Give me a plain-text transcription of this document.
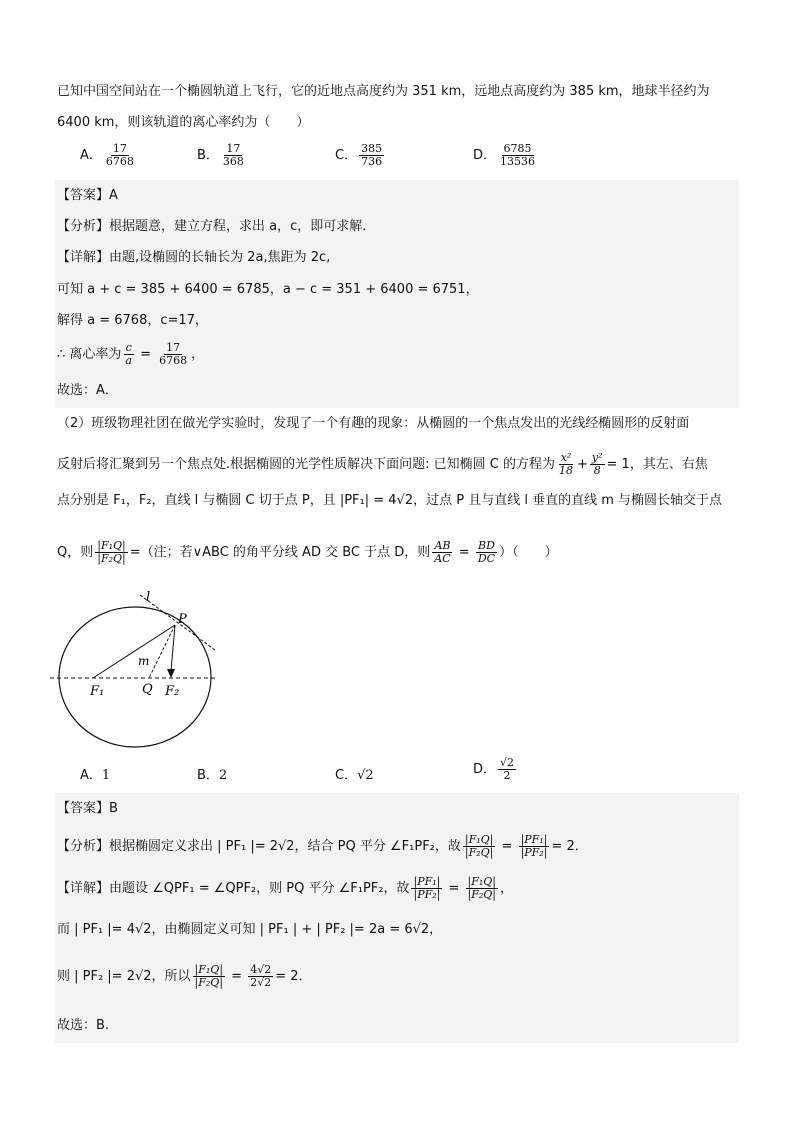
已知中国空间站在一个椭圆轨道上飞行，它的近地点高度约为 351 km，远地点高度约为 385 km，地球半径约为
6400 km，则该轨道的离心率约为（　　）
A． $\frac{17}{6768}$	B． $\frac{17}{368}$	C． $\frac{385}{736}$	D． $\frac{6785}{13536}$
【答案】A
【分析】根据题意，建立方程，求出 a，c，即可求解．
【详解】由题,设椭圆的长轴长为 2a,焦距为 2c,
可知 a + c = 385 + 6400 = 6785，a − c = 351 + 6400 = 6751，
解得 a = 6768，c=17，
∴ 离心率为 $\frac{c}{a} = \frac{17}{6768}$ ，
故选：A．
（2）班级物理社团在做光学实验时，发现了一个有趣的现象：从椭圆的一个焦点发出的光线经椭圆形的反射面
反射后将汇聚到另一个焦点处.根据椭圆的光学性质解决下面问题: 已知椭圆 C 的方程为 $\frac{\text{x²}}{18} + \frac{\text{y²}}{8} = 1$，其左、右焦
点分别是 F₁，F₂，直线 l 与椭圆 C 切于点 P，且 |PF₁| = 4√2，过点 P 且与直线 l 垂直的直线 m 与椭圆长轴交于点
Q，则 $\frac{\text{|F₁Q|}}{\text{|F₂Q|}}$ =（注；若∨ABC 的角平分线 AD 交 BC 于点 D，则 $\frac{AB}{AC} = \frac{BD}{DC}$ ）（　　）
l
P
m
F₁	Q F₂
A．1	B．2	C．√2	D． $\frac{√2}{2}$
【答案】B
【分析】根据椭圆定义求出 | PF₁ |= 2√2，结合 PQ 平分 ∠F₁PF₂，故 $\frac{\text{|F₁Q|}}{\text{|F₂Q|}} = \frac{\text{|PF₁|}}{\text{|PF₂|}} = 2$．
【详解】由题设 ∠QPF₁ = ∠QPF₂，则 PQ 平分 ∠F₁PF₂，故 $\frac{\text{|PF₁|}}{\text{|PF₂|}} = \frac{\text{|F₁Q|}}{\text{|F₂Q|}}$ ，
而 | PF₁ |= 4√2，由椭圆定义可知 | PF₁ | + | PF₂ |= 2a = 6√2，
则 | PF₂ |= 2√2，所以 $\frac{\text{|F₁Q|}}{\text{|F₂Q|}} = \frac{4√2}{2√2} = 2$．
故选：B.
